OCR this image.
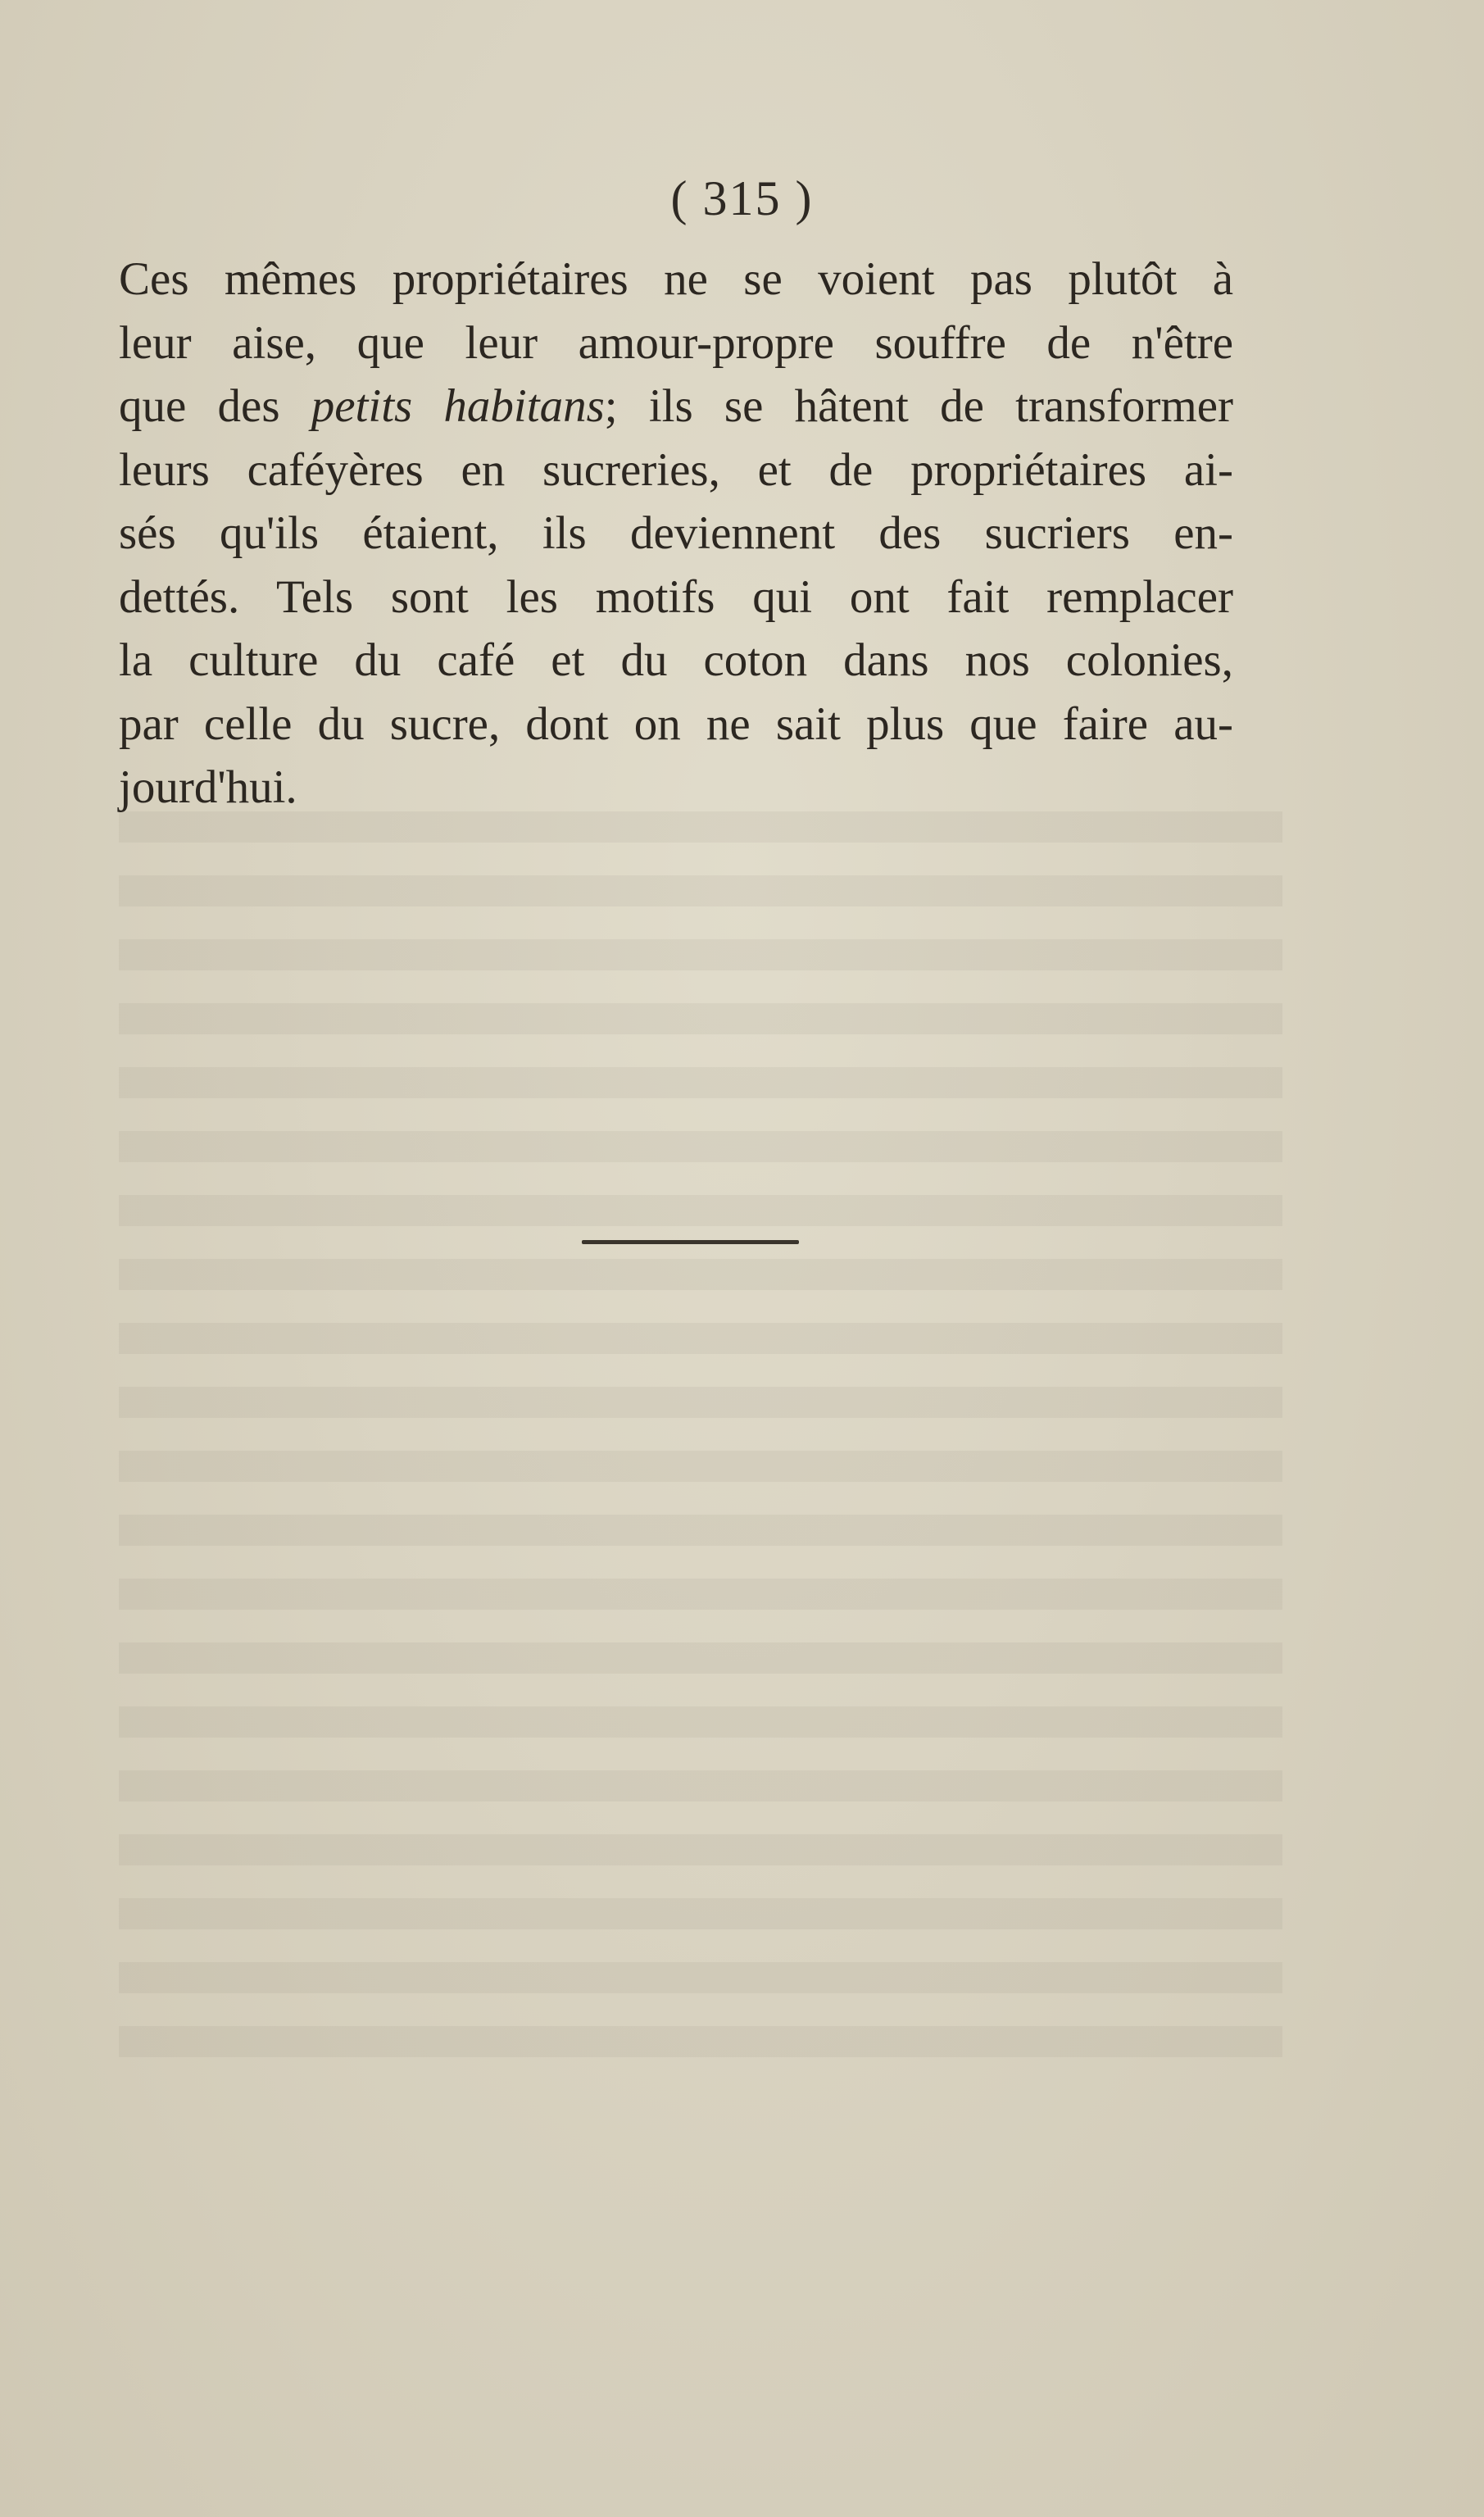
( 315 )
Ces mêmes propriétaires ne se voient pas plutôt à
leur aise, que leur amour-propre souffre de n'être
que des petits habitans; ils se hâtent de transformer
leurs caféyères en sucreries, et de propriétaires ai-
sés qu'ils étaient, ils deviennent des sucriers en-
dettés. Tels sont les motifs qui ont fait remplacer
la culture du café et du coton dans nos colonies,
par celle du sucre, dont on ne sait plus que faire au-
jourd'hui.
